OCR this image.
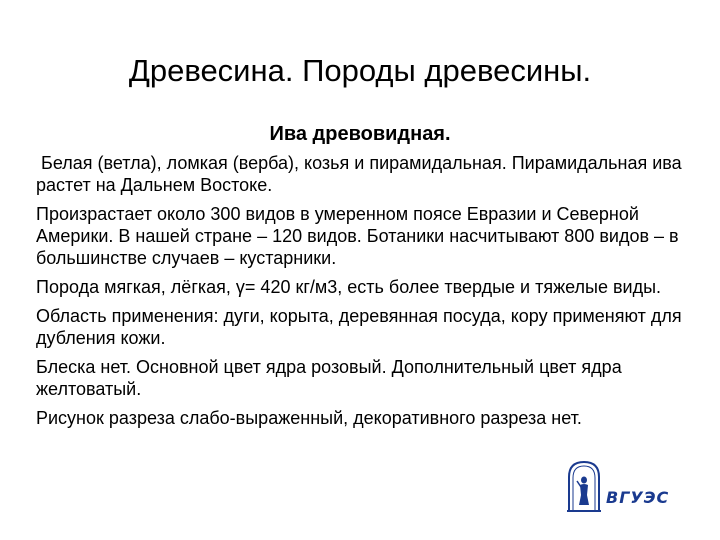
Древесина. Породы древесины.
Ива древовидная.

Белая (ветла), ломкая (верба), козья и пирамидальная. Пирамидальная ива растет на Дальнем Востоке.

Произрастает около 300 видов в умеренном поясе Евразии и Северной Америки. В нашей стране – 120 видов. Ботаники насчитывают 800 видов – в большинстве случаев – кустарники.

Порода мягкая, лёгкая, γ= 420 кг/м3, есть более твердые и тяжелые виды.

Область применения: дуги, корыта, деревянная посуда, кору применяют для дубления кожи.

Блеска нет. Основной цвет ядра розовый. Дополнительный цвет ядра желтоватый.

Рисунок разреза слабо-выраженный, декоративного разреза нет.

ВГУЭС
